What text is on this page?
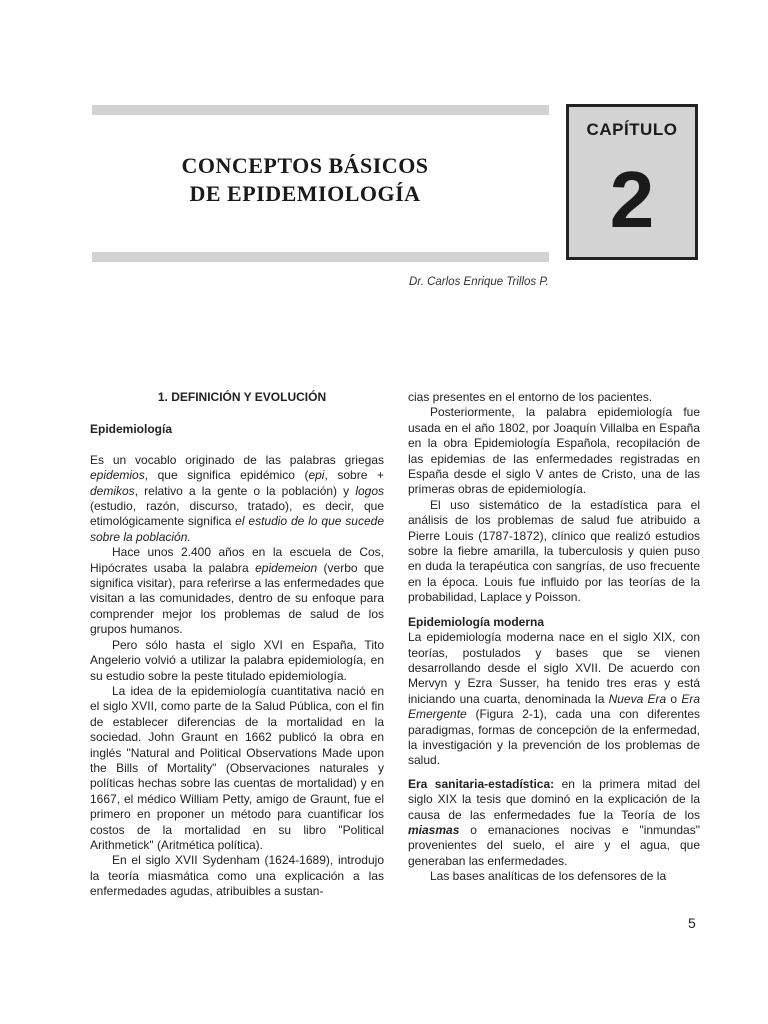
CAPÍTULO
2
CONCEPTOS BÁSICOS
DE EPIDEMIOLOGÍA
Dr. Carlos Enrique Trillos P.
1. DEFINICIÓN Y EVOLUCIÓN
Epidemiología

Es un vocablo originado de las palabras griegas epidemios, que significa epidémico (epi, sobre + demikos, relativo a la gente o la población) y logos (estudio, razón, discurso, tratado), es decir, que etimológicamente significa el estudio de lo que sucede sobre la población.

Hace unos 2.400 años en la escuela de Cos, Hipócrates usaba la palabra epidemeion (verbo que significa visitar), para referirse a las enfermedades que visitan a las comunidades, dentro de su enfoque para comprender mejor los problemas de salud de los grupos humanos.

Pero sólo hasta el siglo XVI en España, Tito Angelerio volvió a utilizar la palabra epidemiología, en su estudio sobre la peste titulado epidemiología.

La idea de la epidemiología cuantitativa nació en el siglo XVII, como parte de la Salud Pública, con el fin de establecer diferencias de la mortalidad en la sociedad. John Graunt en 1662 publicó la obra en inglés "Natural and Political Observations Made upon the Bills of Mortality" (Observaciones naturales y políticas hechas sobre las cuentas de mortalidad) y en 1667, el médico William Petty, amigo de Graunt, fue el primero en proponer un método para cuantificar los costos de la mortalidad en su libro "Political Arithmetick" (Aritmética política).

En el siglo XVII Sydenham (1624-1689), introdujo la teoría miasmática como una explicación a las enfermedades agudas, atribuibles a sustan-

cias presentes en el entorno de los pacientes.

Posteriormente, la palabra epidemiología fue usada en el año 1802, por Joaquín Villalba en España en la obra Epidemiología Española, recopilación de las epidemias de las enfermedades registradas en España desde el siglo V antes de Cristo, una de las primeras obras de epidemiología.

El uso sistemático de la estadística para el análisis de los problemas de salud fue atribuido a Pierre Louis (1787-1872), clínico que realizó estudios sobre la fiebre amarilla, la tuberculosis y quien puso en duda la terapéutica con sangrías, de uso frecuente en la época. Louis fue influido por las teorías de la probabilidad, Laplace y Poisson.

Epidemiología moderna

La epidemiología moderna nace en el siglo XIX, con teorías, postulados y bases que se vienen desarrollando desde el siglo XVII. De acuerdo con Mervyn y Ezra Susser, ha tenido tres eras y está iniciando una cuarta, denominada la Nueva Era o Era Emergente (Figura 2-1), cada una con diferentes paradigmas, formas de concepción de la enfermedad, la investigación y la prevención de los problemas de salud.

Era sanitaria-estadística: en la primera mitad del siglo XIX la tesis que dominó en la explicación de la causa de las enfermedades fue la Teoría de los miasmas o emanaciones nocivas e "inmundas" provenientes del suelo, el aire y el agua, que generaban las enfermedades.

Las bases analíticas de los defensores de la

5
